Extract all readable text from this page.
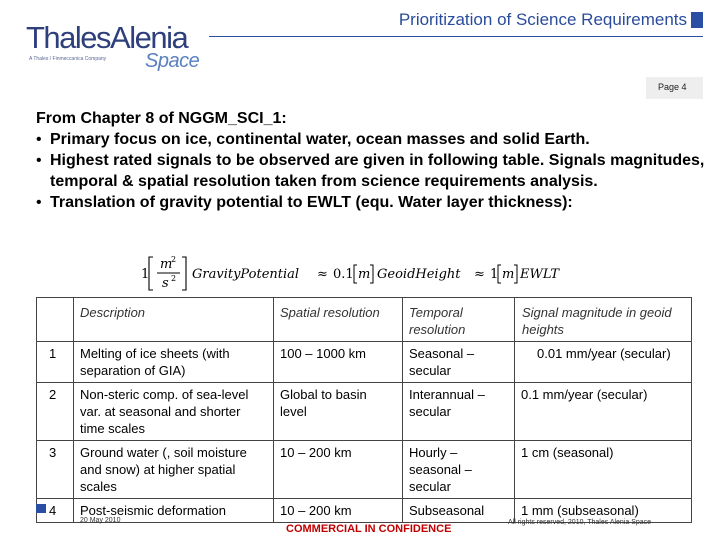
ThalesAlenia
A Thales / Finmeccanica Company Space
Prioritization of Science Requirements
Page 4

From Chapter 8 of NGGM_SCI_1:

• Primary focus on ice, continental water, ocean masses and solid Earth.
• Highest rated signals to be observed are given in following table. Signals magnitudes, temporal & spatial resolution taken from science requirements analysis.
• Translation of gravity potential to EWLT (equ. Water layer thickness):
1
m
2
s 2 GravityPotential ≈ 0.1 m GeoidHeight ≈ 1 m EWLT
	Description	Spatial resolution	Temporal resolution	Signal magnitude in geoid heights
1	Melting of ice sheets (with separation of GIA)	100 – 1000 km	Seasonal – secular	0.01 mm/year (secular)
2	Non-steric comp. of sea-level var. at seasonal and shorter time scales	Global to basin level	Interannual – secular	0.1 mm/year (secular)
3	Ground water (, soil moisture and snow) at higher spatial scales	10 – 200 km	Hourly – seasonal – secular	1 cm (seasonal)
4	Post-seismic deformation	10 – 200 km	Subseasonal	1 mm (subseasonal)
20 May 2010
COMMERCIAL IN CONFIDENCE
All rights reserved, 2010, Thales Alenia Space
